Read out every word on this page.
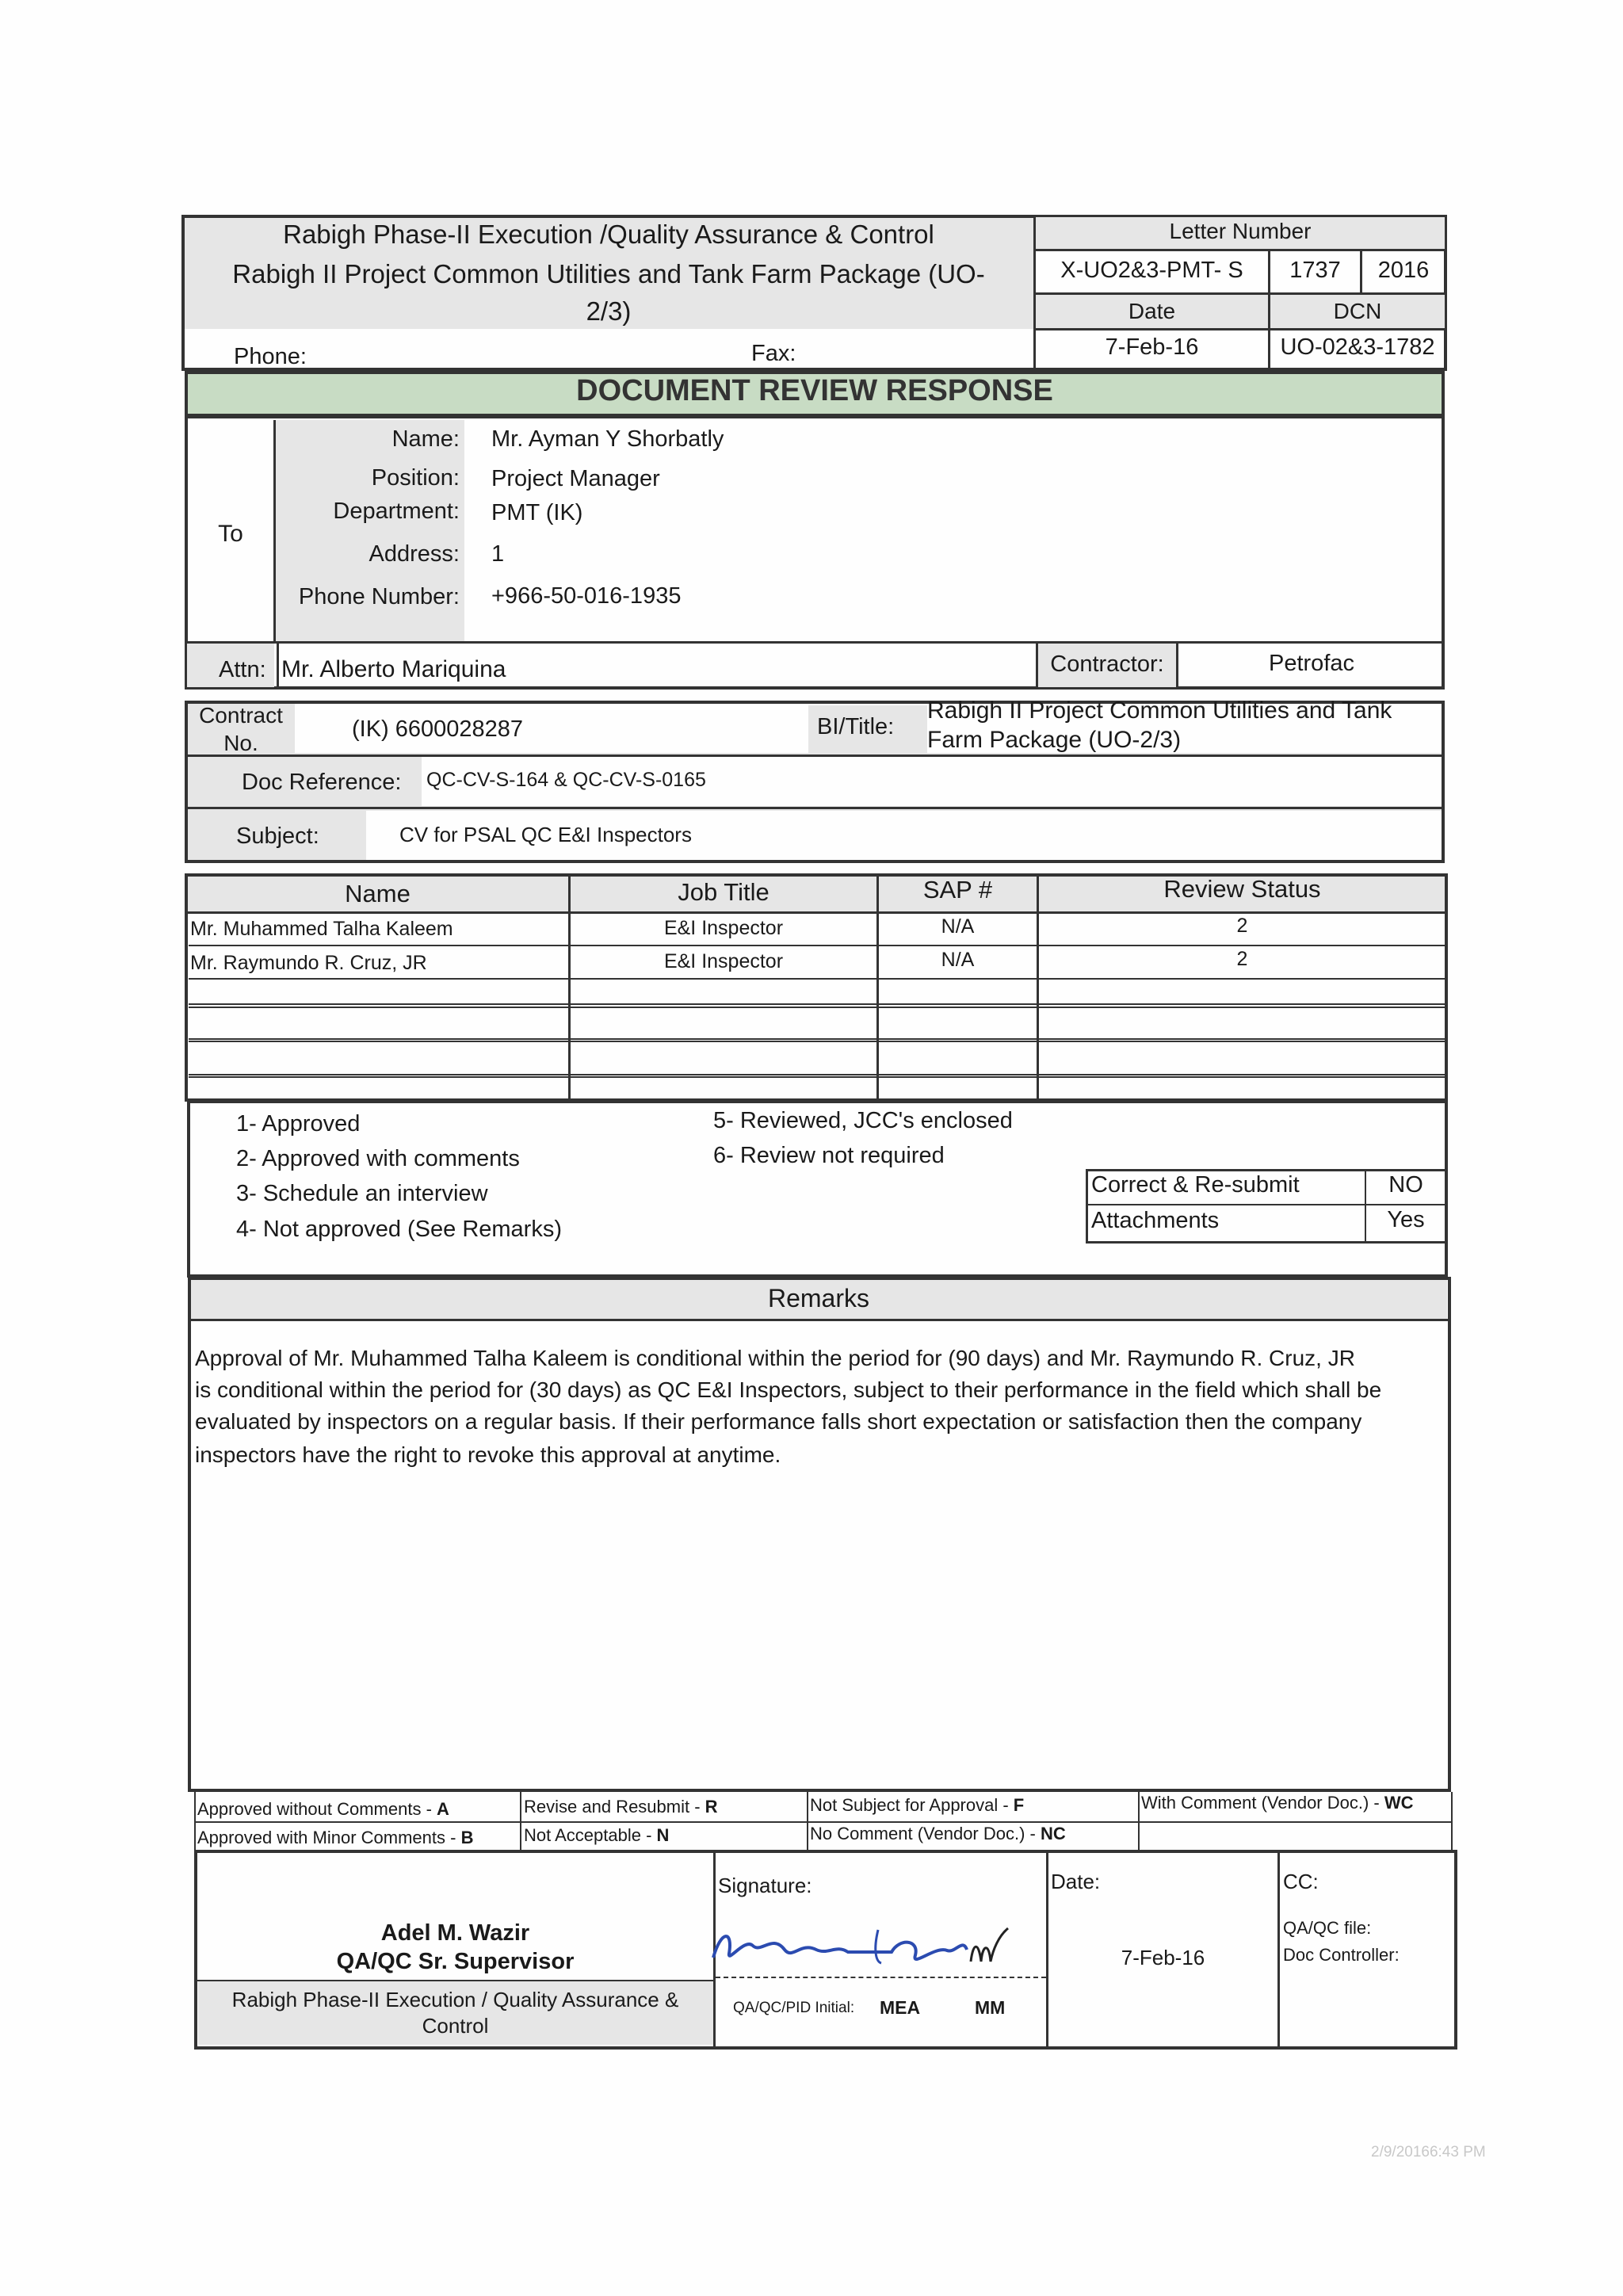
Rabigh Phase-II Execution /Quality Assurance & Control
Rabigh II Project Common Utilities and Tank Farm Package (UO-
2/3)
Phone:	Fax:
Letter Number
X-UO2&3-PMT- S	1737	2016
Date	DCN
7-Feb-16	UO-02&3-1782
DOCUMENT REVIEW RESPONSE
To
Name: Mr. Ayman Y Shorbatly
Position: Project Manager
Department: PMT (IK)
Address: 1
Phone Number: +966-50-016-1935
Attn: Mr. Alberto Mariquina	Contractor:	Petrofac
Contract
No.
(IK) 6600028287	BI/Title:
Rabigh II Project Common Utilities and Tank
Farm Package (UO-2/3)
Doc Reference: QC-CV-S-164 & QC-CV-S-0165
Subject:	CV for PSAL QC E&I Inspectors
Name	Job Title	SAP #	Review Status
Mr. Muhammed Talha Kaleem	E&I Inspector	N/A	2
Mr. Raymundo R. Cruz, JR	E&I Inspector	N/A	2
1- Approved
2- Approved with comments
3- Schedule an interview
4- Not approved (See Remarks)
5- Reviewed, JCC's enclosed
6- Review not required
Correct & Re-submit	NO
Attachments	Yes
Remarks
Approval of Mr. Muhammed Talha Kaleem is conditional within the period for (90 days) and Mr. Raymundo R. Cruz, JR
is conditional within the period for (30 days) as QC E&I Inspectors, subject to their performance in the field which shall be
evaluated by inspectors on a regular basis. If their performance falls short expectation or satisfaction then the company
inspectors have the right to revoke this approval at anytime.
Approved without Comments - A
Approved with Minor Comments - B
Revise and Resubmit - R
Not Acceptable - N
Not Subject for Approval - F
No Comment (Vendor Doc.) - NC
With Comment (Vendor Doc.) - WC
Adel M. Wazir
QA/QC Sr. Supervisor
Rabigh Phase-II Execution / Quality Assurance &
Control
Signature:
QA/QC/PID Initial: MEA	MM
Date:
7-Feb-16
CC:
QA/QC file:
Doc Controller:
2/9/20166:43 PM
